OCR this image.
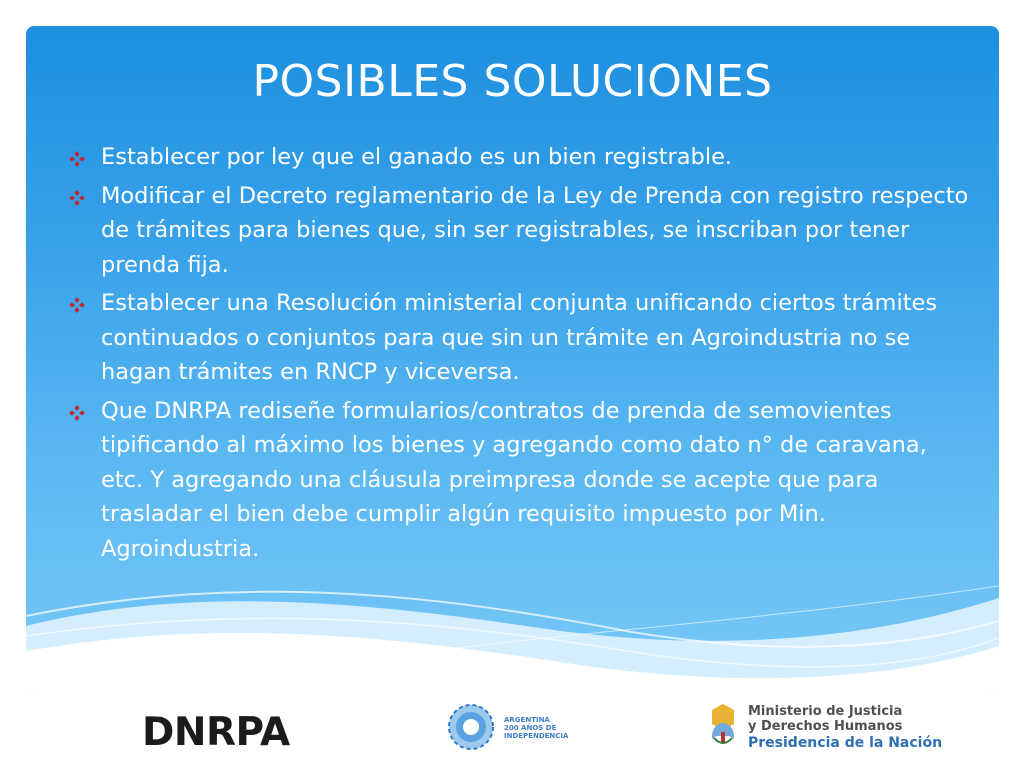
POSIBLES SOLUCIONES
Establecer por ley que el ganado es un bien registrable.
Modificar el Decreto reglamentario de la Ley de Prenda con registro respecto de trámites para bienes que, sin ser registrables, se inscriban por tener prenda fija.
Establecer una Resolución ministerial conjunta unificando ciertos trámites continuados o conjuntos para que sin un trámite en Agroindustria no se hagan trámites en RNCP y viceversa.
Que DNRPA rediseñe formularios/contratos de prenda de semovientes tipificando al máximo los bienes y agregando como dato n° de caravana, etc. Y agregando una cláusula preimpresa donde se acepte que para trasladar el bien debe cumplir algún requisito impuesto por Min. Agroindustria.
DNRPA	ARGENTINA
200 AÑOS DE
INDEPENDENCIA
Ministerio de Justicia
y Derechos Humanos
Presidencia de la Nación
